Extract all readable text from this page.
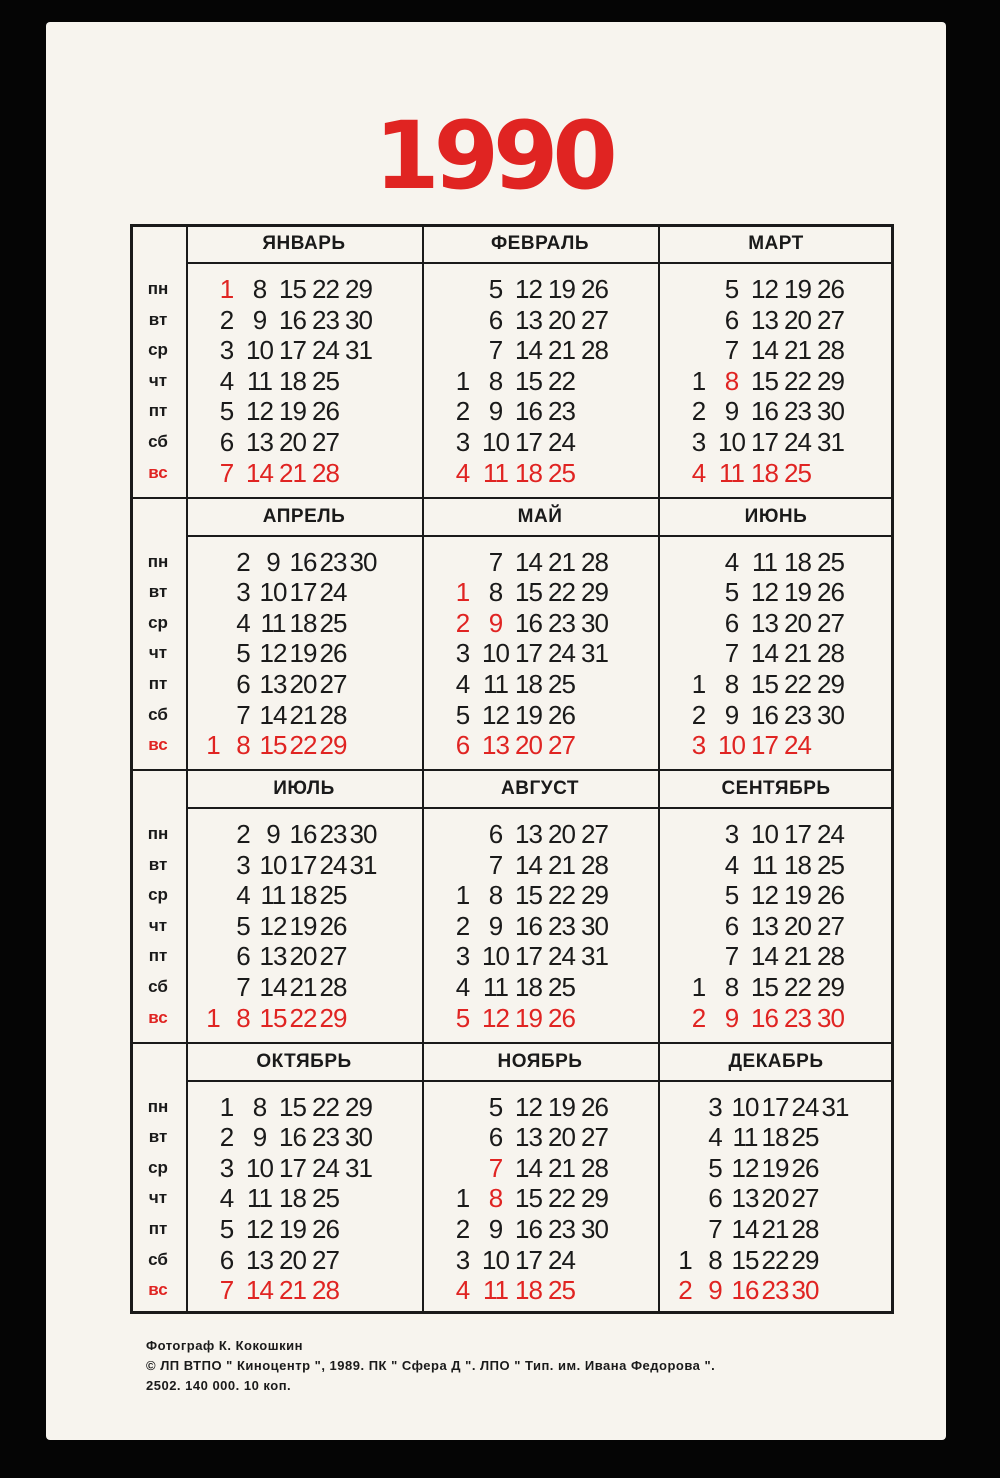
1990
пн
вт
ср
чт
пт
сб
вс
ЯНВАРЬ
1
2
3
4
5
6
7
8
9
10
11
12
13
14
15
16
17
18
19
20
21
22
23
24
25
26
27
28
29
30
31
ФЕВРАЛЬ
1
2
3
4
5
6
7
8
9
10
11
12
13
14
15
16
17
18
19
20
21
22
23
24
25
26
27
28
МАРТ
1
2
3
4
5
6
7
8
9
10
11
12
13
14
15
16
17
18
19
20
21
22
23
24
25
26
27
28
29
30
31
пн
вт
ср
чт
пт
сб
вс
АПРЕЛЬ
1
2
3
4
5
6
7
8
9
10
11
12
13
14
15
16
17
18
19
20
21
22
23
24
25
26
27
28
29
30
МАЙ
1
2
3
4
5
6
7
8
9
10
11
12
13
14
15
16
17
18
19
20
21
22
23
24
25
26
27
28
29
30
31
ИЮНЬ
1
2
3
4
5
6
7
8
9
10
11
12
13
14
15
16
17
18
19
20
21
22
23
24
25
26
27
28
29
30
пн
вт
ср
чт
пт
сб
вс
ИЮЛЬ
1
2
3
4
5
6
7
8
9
10
11
12
13
14
15
16
17
18
19
20
21
22
23
24
25
26
27
28
29
30
31
АВГУСТ
1
2
3
4
5
6
7
8
9
10
11
12
13
14
15
16
17
18
19
20
21
22
23
24
25
26
27
28
29
30
31
СЕНТЯБРЬ
1
2
3
4
5
6
7
8
9
10
11
12
13
14
15
16
17
18
19
20
21
22
23
24
25
26
27
28
29
30
пн
вт
ср
чт
пт
сб
вс
ОКТЯБРЬ
1
2
3
4
5
6
7
8
9
10
11
12
13
14
15
16
17
18
19
20
21
22
23
24
25
26
27
28
29
30
31
НОЯБРЬ
1
2
3
4
5
6
7
8
9
10
11
12
13
14
15
16
17
18
19
20
21
22
23
24
25
26
27
28
29
30
ДЕКАБРЬ
1
2
3
4
5
6
7
8
9
10
11
12
13
14
15
16
17
18
19
20
21
22
23
24
25
26
27
28
29
30
31
Фотограф К. Кокошкин
© ЛП ВТПО " Киноцентр ", 1989. ПК " Сфера Д ". ЛПО " Тип. им. Ивана Федорова ".
2502. 140 000. 10 коп.
